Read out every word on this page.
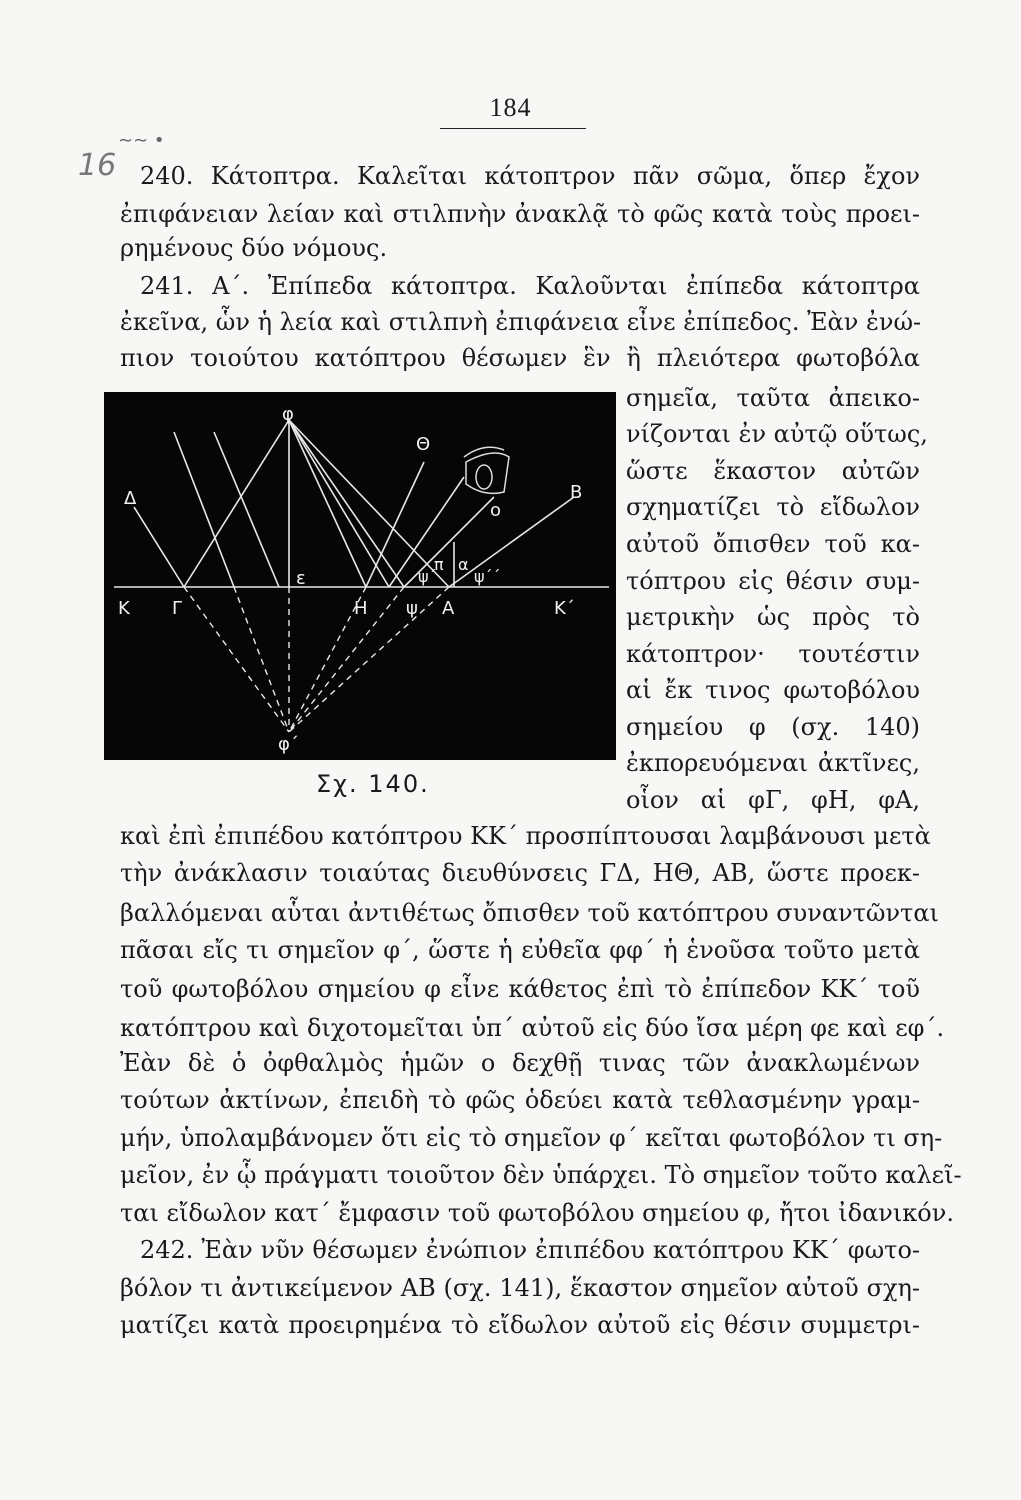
184
16
∼∼ •
240. Κάτοπτρα. Καλεῖται κάτοπτρον πᾶν σῶμα, ὅπερ ἔχον
ἐπιφάνειαν λείαν καὶ στιλπνὴν ἀνακλᾷ τὸ φῶς κατὰ τοὺς προει-
ρημένους δύο νόμους.
241. Α΄. Ἐπίπεδα κάτοπτρα. Καλοῦνται ἐπίπεδα κάτοπτρα
ἐκεῖνα, ὧν ἡ λεία καὶ στιλπνὴ ἐπιφάνεια εἶνε ἐπίπεδος. Ἐὰν ἐνώ-
πιον τοιούτου κατόπτρου θέσωμεν ἓν ἢ πλειότερα φωτοβόλα
σημεῖα, ταῦτα ἀπεικο-
νίζονται ἐν αὐτῷ οὕτως,
ὥστε ἕκαστον αὐτῶν
σχηματίζει τὸ εἴδωλον
αὐτοῦ ὄπισθεν τοῦ κα-
τόπτρου εἰς θέσιν συμ-
μετρικὴν ὡς πρὸς τὸ
κάτοπτρον· τουτέστιν
αἱ ἔκ τινος φωτοβόλου
σημείου φ (σχ. 140)
ἐκπορευόμεναι ἀκτῖνες,
οἷον αἱ φΓ, φΗ, φΑ,
φ
φ΄
Θ
ο
Β
Δ
Κ Γ
ε
Η ψ
ψ΄ ψ΄΄
Α
π α
Κ΄
Σχ. 140.
καὶ ἐπὶ ἐπιπέδου κατόπτρου ΚΚ΄ προσπίπτουσαι λαμβάνουσι μετὰ
τὴν ἀνάκλασιν τοιαύτας διευθύνσεις ΓΔ, ΗΘ, ΑΒ, ὥστε προεκ-
βαλλόμεναι αὗται ἀντιθέτως ὄπισθεν τοῦ κατόπτρου συναντῶνται
πᾶσαι εἴς τι σημεῖον φ΄, ὥστε ἡ εὐθεῖα φφ΄ ἡ ἑνοῦσα τοῦτο μετὰ
τοῦ φωτοβόλου σημείου φ εἶνε κάθετος ἐπὶ τὸ ἐπίπεδον ΚΚ΄ τοῦ
κατόπτρου καὶ διχοτομεῖται ὑπ΄ αὐτοῦ εἰς δύο ἴσα μέρη φε καὶ εφ΄.
Ἐὰν δὲ ὁ ὀφθαλμὸς ἡμῶν ο δεχθῇ τινας τῶν ἀνακλωμένων
τούτων ἀκτίνων, ἐπειδὴ τὸ φῶς ὁδεύει κατὰ τεθλασμένην γραμ-
μήν, ὑπολαμβάνομεν ὅτι εἰς τὸ σημεῖον φ΄ κεῖται φωτοβόλον τι ση-
μεῖον, ἐν ᾧ πράγματι τοιοῦτον δὲν ὑπάρχει. Τὸ σημεῖον τοῦτο καλεῖ-
ται εἴδωλον κατ΄ ἔμφασιν τοῦ φωτοβόλου σημείου φ, ἤτοι ἰδανικόν.
242. Ἐὰν νῦν θέσωμεν ἐνώπιον ἐπιπέδου κατόπτρου ΚΚ΄ φωτο-
βόλον τι ἀντικείμενον ΑΒ (σχ. 141), ἕκαστον σημεῖον αὐτοῦ σχη-
ματίζει κατὰ προειρημένα τὸ εἴδωλον αὐτοῦ εἰς θέσιν συμμετρι-
